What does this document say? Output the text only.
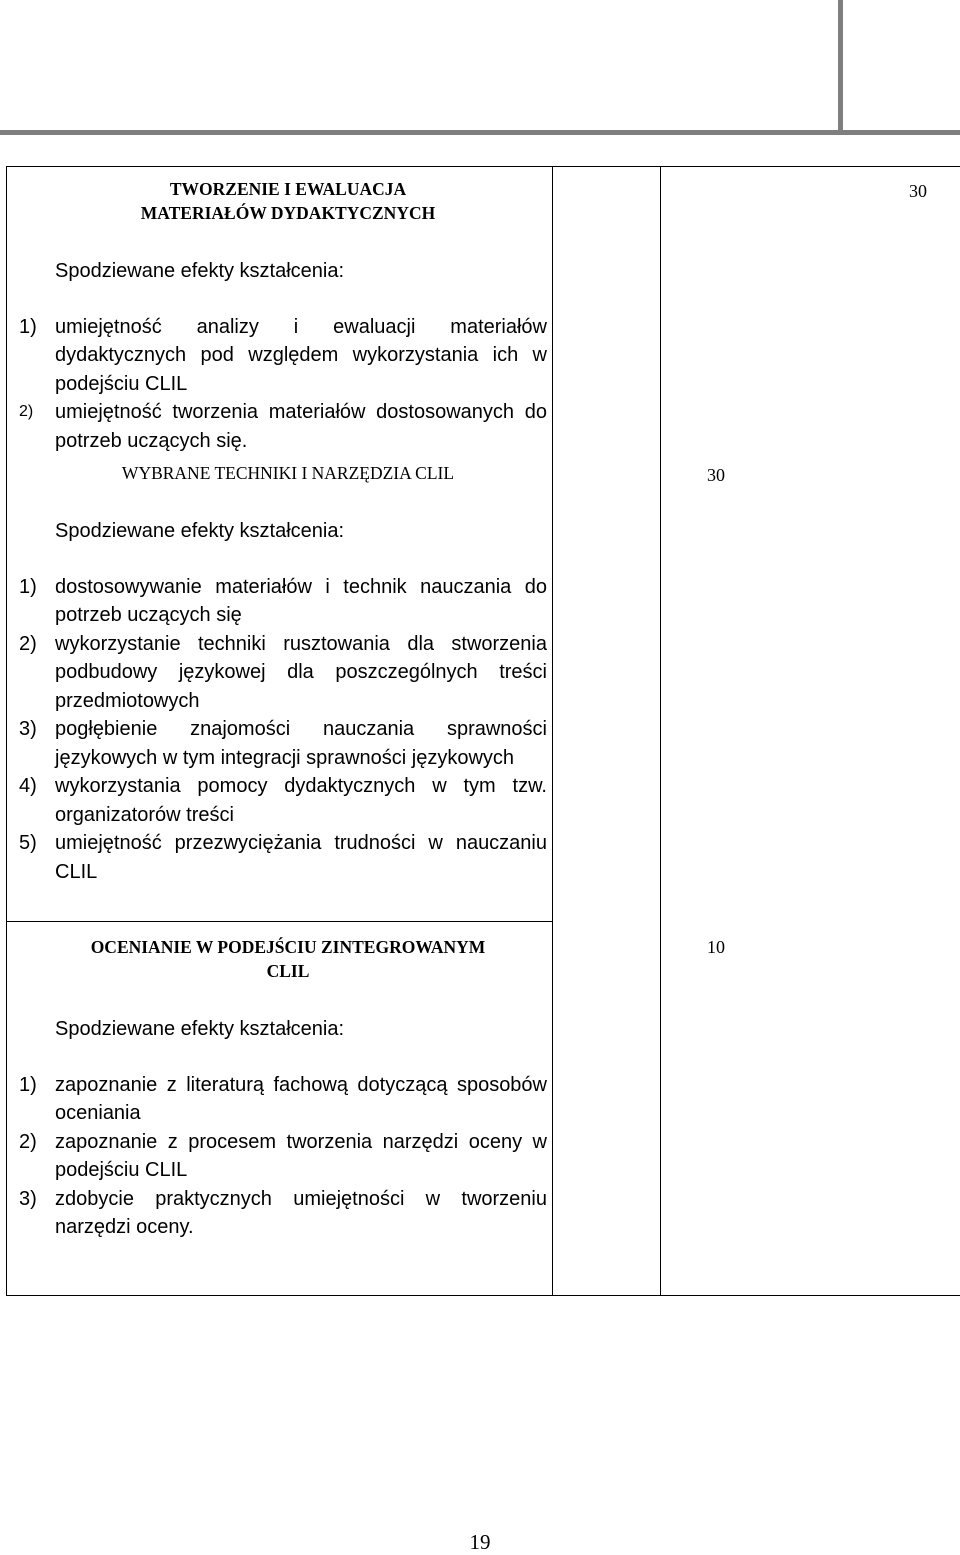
STUDIA PODYPLOMOWE DLA NAUCZYCIELI W ZAKRESIE
ZINTEGROWANEGO NAUCZANIA PRZEDMIOTÓW NIEJĘZYKOWYCH
I JĘZYKA ANGIELSKIEGO
2012
TWORZENIE I EWALUACJA
MATERIAŁÓW DYDAKTYCZNYCH
Spodziewane efekty kształcenia:
1) umiejętność analizy i ewaluacji materiałów dydaktycznych pod względem wykorzystania ich w podejściu CLIL
2)	umiejętność tworzenia materiałów dostosowanych do potrzeb uczących się.
30
WYBRANE TECHNIKI I NARZĘDZIA CLIL
Spodziewane efekty kształcenia:
1) dostosowywanie materiałów i technik nauczania do potrzeb uczących się
2) wykorzystanie techniki rusztowania dla stworzenia podbudowy językowej dla poszczególnych treści przedmiotowych
3) pogłębienie znajomości nauczania sprawności językowych w tym integracji sprawności językowych
4) wykorzystania pomocy dydaktycznych w tym tzw. organizatorów treści
5) umiejętność przezwyciężania trudności w nauczaniu CLIL
30
OCENIANIE W PODEJŚCIU ZINTEGROWANYM
CLIL
Spodziewane efekty kształcenia:
1) zapoznanie z literaturą fachową dotyczącą sposobów oceniania
2) zapoznanie z procesem tworzenia narzędzi oceny w podejściu CLIL
3) zdobycie praktycznych umiejętności w tworzeniu narzędzi oceny.
10
19
